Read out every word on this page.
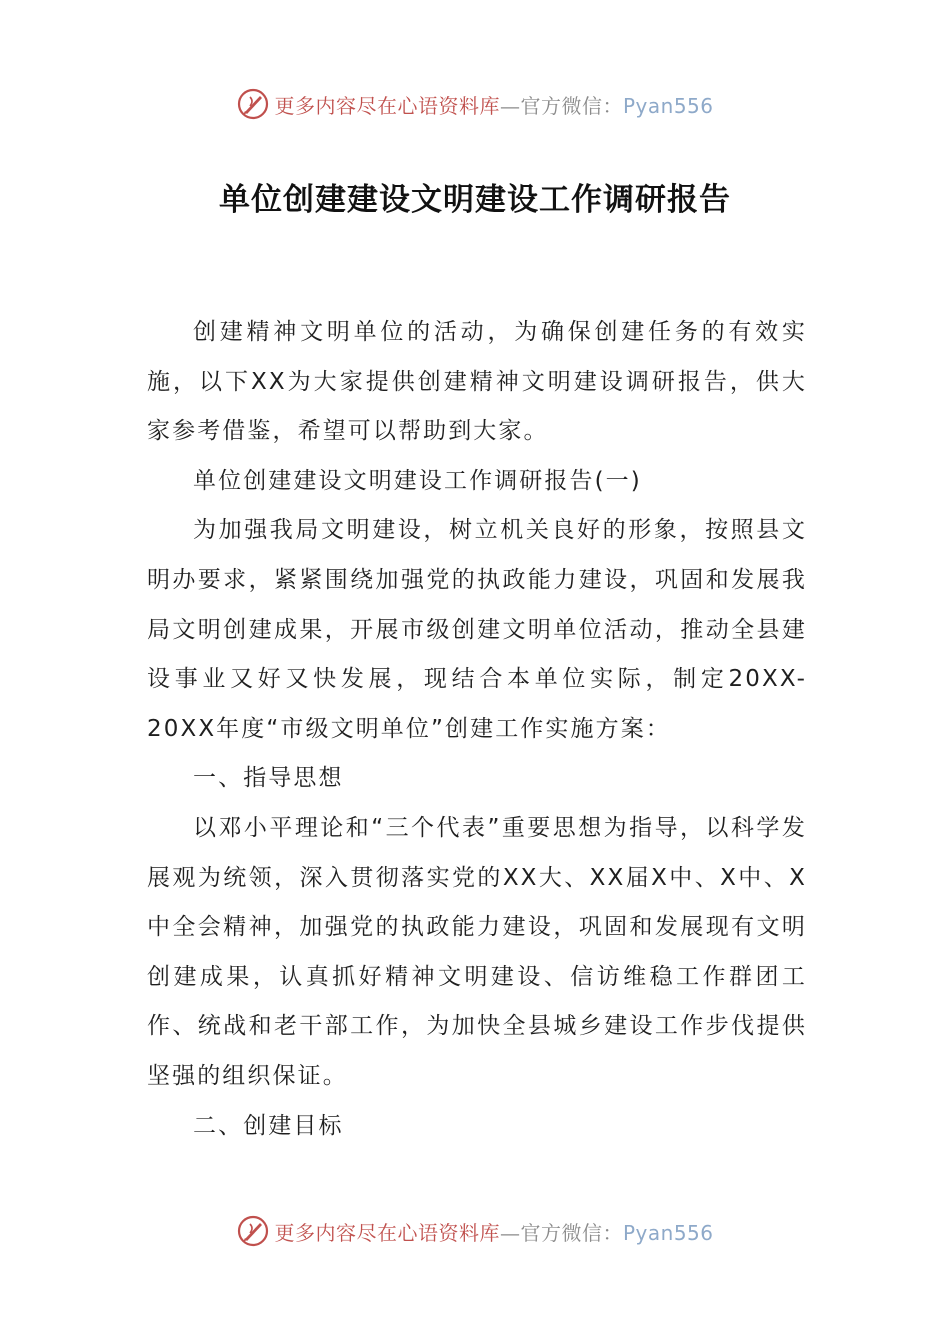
更多内容尽在心语资料库—官方微信：Pyan556
单位创建建设文明建设工作调研报告

创建精神文明单位的活动，为确保创建任务的有效实施，以下XX为大家提供创建精神文明建设调研报告，供大家参考借鉴，希望可以帮助到大家。

单位创建建设文明建设工作调研报告(一)

为加强我局文明建设，树立机关良好的形象，按照县文明办要求，紧紧围绕加强党的执政能力建设，巩固和发展我局文明创建成果，开展市级创建文明单位活动，推动全县建设事业又好又快发展，现结合本单位实际，制定20XX-20XX年度“市级文明单位”创建工作实施方案：

一、指导思想

以邓小平理论和“三个代表”重要思想为指导，以科学发展观为统领，深入贯彻落实党的XX大、XX届X中、X中、X中全会精神，加强党的执政能力建设，巩固和发展现有文明创建成果，认真抓好精神文明建设、信访维稳工作群团工作、统战和老干部工作，为加快全县城乡建设工作步伐提供坚强的组织保证。

二、创建目标

更多内容尽在心语资料库—官方微信：Pyan556
